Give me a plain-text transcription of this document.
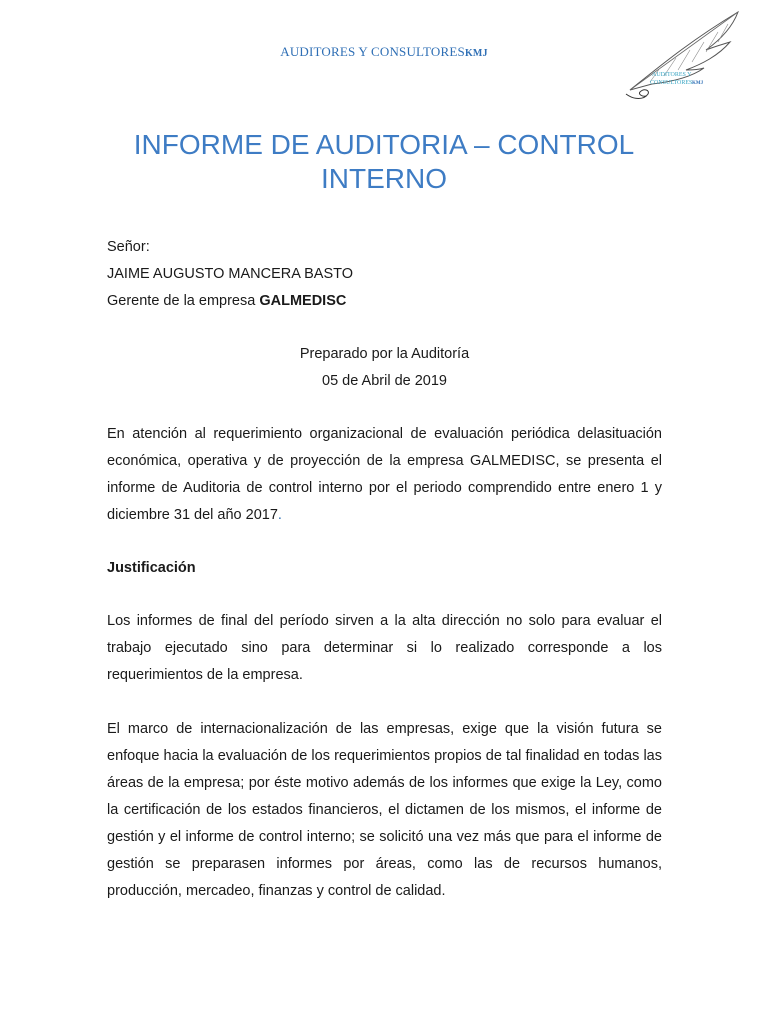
AUDITORES Y CONSULTORESKMJ
AUDITORES Y
CONSULTORES KMJ
INFORME DE AUDITORIA – CONTROL INTERNO
Señor:
JAIME AUGUSTO MANCERA BASTO
Gerente de la empresa GALMEDISC
Preparado por la Auditoría
05 de Abril de 2019

En atención al requerimiento organizacional de evaluación periódica delasituación económica, operativa y de proyección de la empresa GALMEDISC, se presenta el informe de Auditoria de control interno por el periodo comprendido entre enero 1 y diciembre 31 del año 2017.

Justificación

Los informes de final del período sirven a la alta dirección no solo para evaluar el trabajo ejecutado sino para determinar si lo realizado corresponde a los requerimientos de la empresa.

El marco de internacionalización de las empresas, exige que la visión futura se enfoque hacia la evaluación de los requerimientos propios de tal finalidad en todas las áreas de la empresa; por éste motivo además de los informes que exige la Ley, como la certificación de los estados financieros, el dictamen de los mismos, el informe de gestión y el informe de control interno; se solicitó una vez más que para el informe de gestión se preparasen informes por áreas, como las de recursos humanos, producción, mercadeo, finanzas y control de calidad.
